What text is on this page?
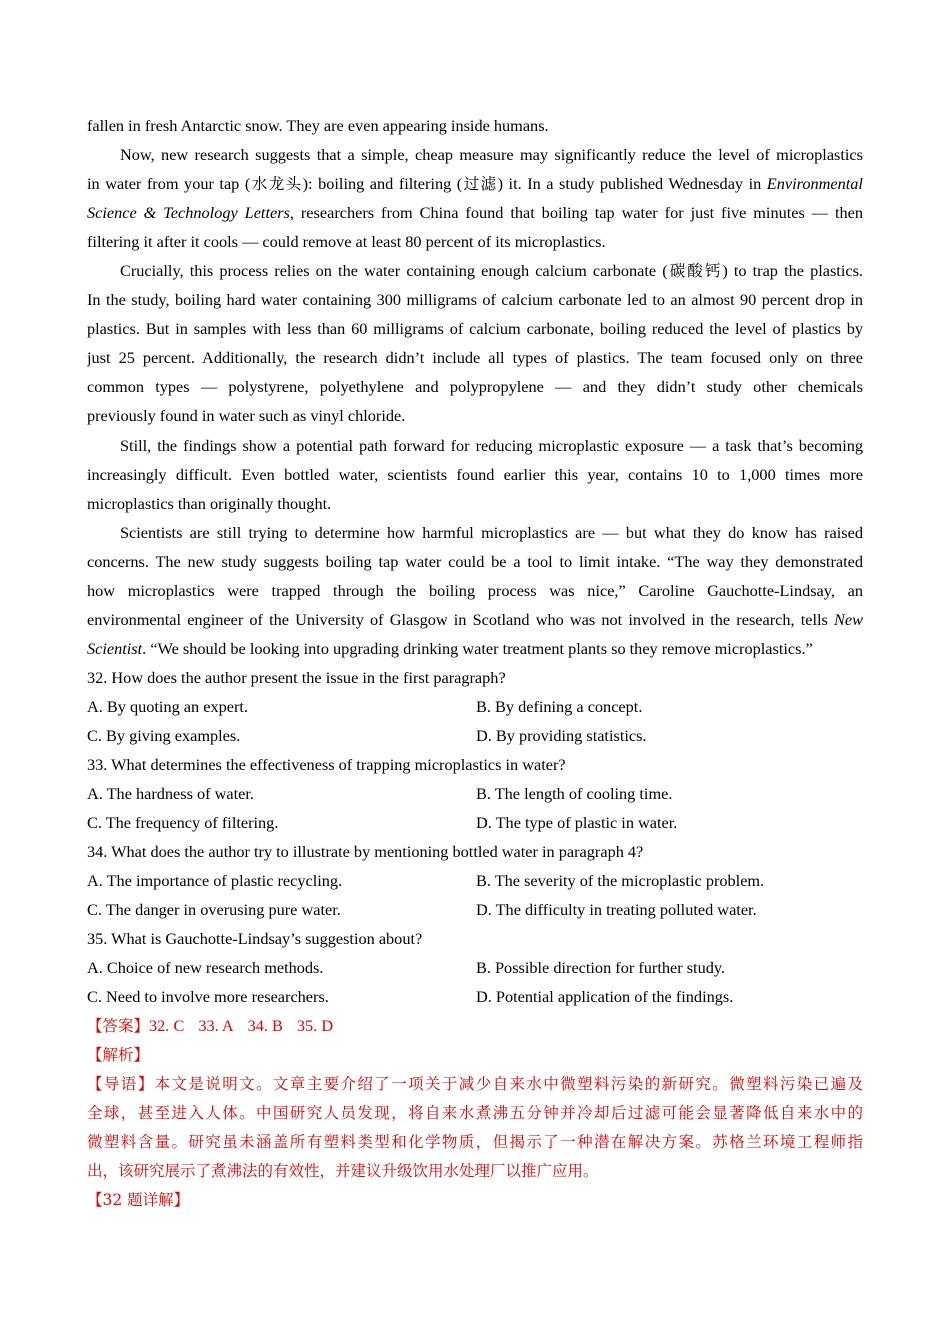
fallen in fresh Antarctic snow. They are even appearing inside humans.
Now, new research suggests that a simple, cheap measure may significantly reduce the level of microplastics
in water from your tap (水龙头): boiling and filtering (过滤) it. In a study published Wednesday in Environmental
Science & Technology Letters, researchers from China found that boiling tap water for just five minutes — then
filtering it after it cools — could remove at least 80 percent of its microplastics.
Crucially, this process relies on the water containing enough calcium carbonate (碳酸钙) to trap the plastics.
In the study, boiling hard water containing 300 milligrams of calcium carbonate led to an almost 90 percent drop in
plastics. But in samples with less than 60 milligrams of calcium carbonate, boiling reduced the level of plastics by
just 25 percent. Additionally, the research didn’t include all types of plastics. The team focused only on three
common types — polystyrene, polyethylene and polypropylene — and they didn’t study other chemicals
previously found in water such as vinyl chloride.
Still, the findings show a potential path forward for reducing microplastic exposure — a task that’s becoming
increasingly difficult. Even bottled water, scientists found earlier this year, contains 10 to 1,000 times more
microplastics than originally thought.
Scientists are still trying to determine how harmful microplastics are — but what they do know has raised
concerns. The new study suggests boiling tap water could be a tool to limit intake. “The way they demonstrated
how microplastics were trapped through the boiling process was nice,” Caroline Gauchotte-Lindsay, an
environmental engineer of the University of Glasgow in Scotland who was not involved in the research, tells New
Scientist. “We should be looking into upgrading drinking water treatment plants so they remove microplastics.”
32. How does the author present the issue in the first paragraph?
A. By quoting an expert.	B. By defining a concept.
C. By giving examples.	D. By providing statistics.
33. What determines the effectiveness of trapping microplastics in water?
A. The hardness of water.	B. The length of cooling time.
C. The frequency of filtering.	D. The type of plastic in water.
34. What does the author try to illustrate by mentioning bottled water in paragraph 4?
A. The importance of plastic recycling.	B. The severity of the microplastic problem.
C. The danger in overusing pure water.	D. The difficulty in treating polluted water.
35. What is Gauchotte-Lindsay’s suggestion about?
A. Choice of new research methods.	B. Possible direction for further study.
C. Need to involve more researchers.	D. Potential application of the findings.
【答案】32. C 33. A 34. B 35. D
【解析】
【导语】本文是说明文。文章主要介绍了一项关于减少自来水中微塑料污染的新研究。微塑料污染已遍及
全球，甚至进入人体。中国研究人员发现，将自来水煮沸五分钟并冷却后过滤可能会显著降低自来水中的
微塑料含量。研究虽未涵盖所有塑料类型和化学物质，但揭示了一种潜在解决方案。苏格兰环境工程师指
出，该研究展示了煮沸法的有效性，并建议升级饮用水处理厂以推广应用。
【32 题详解】
